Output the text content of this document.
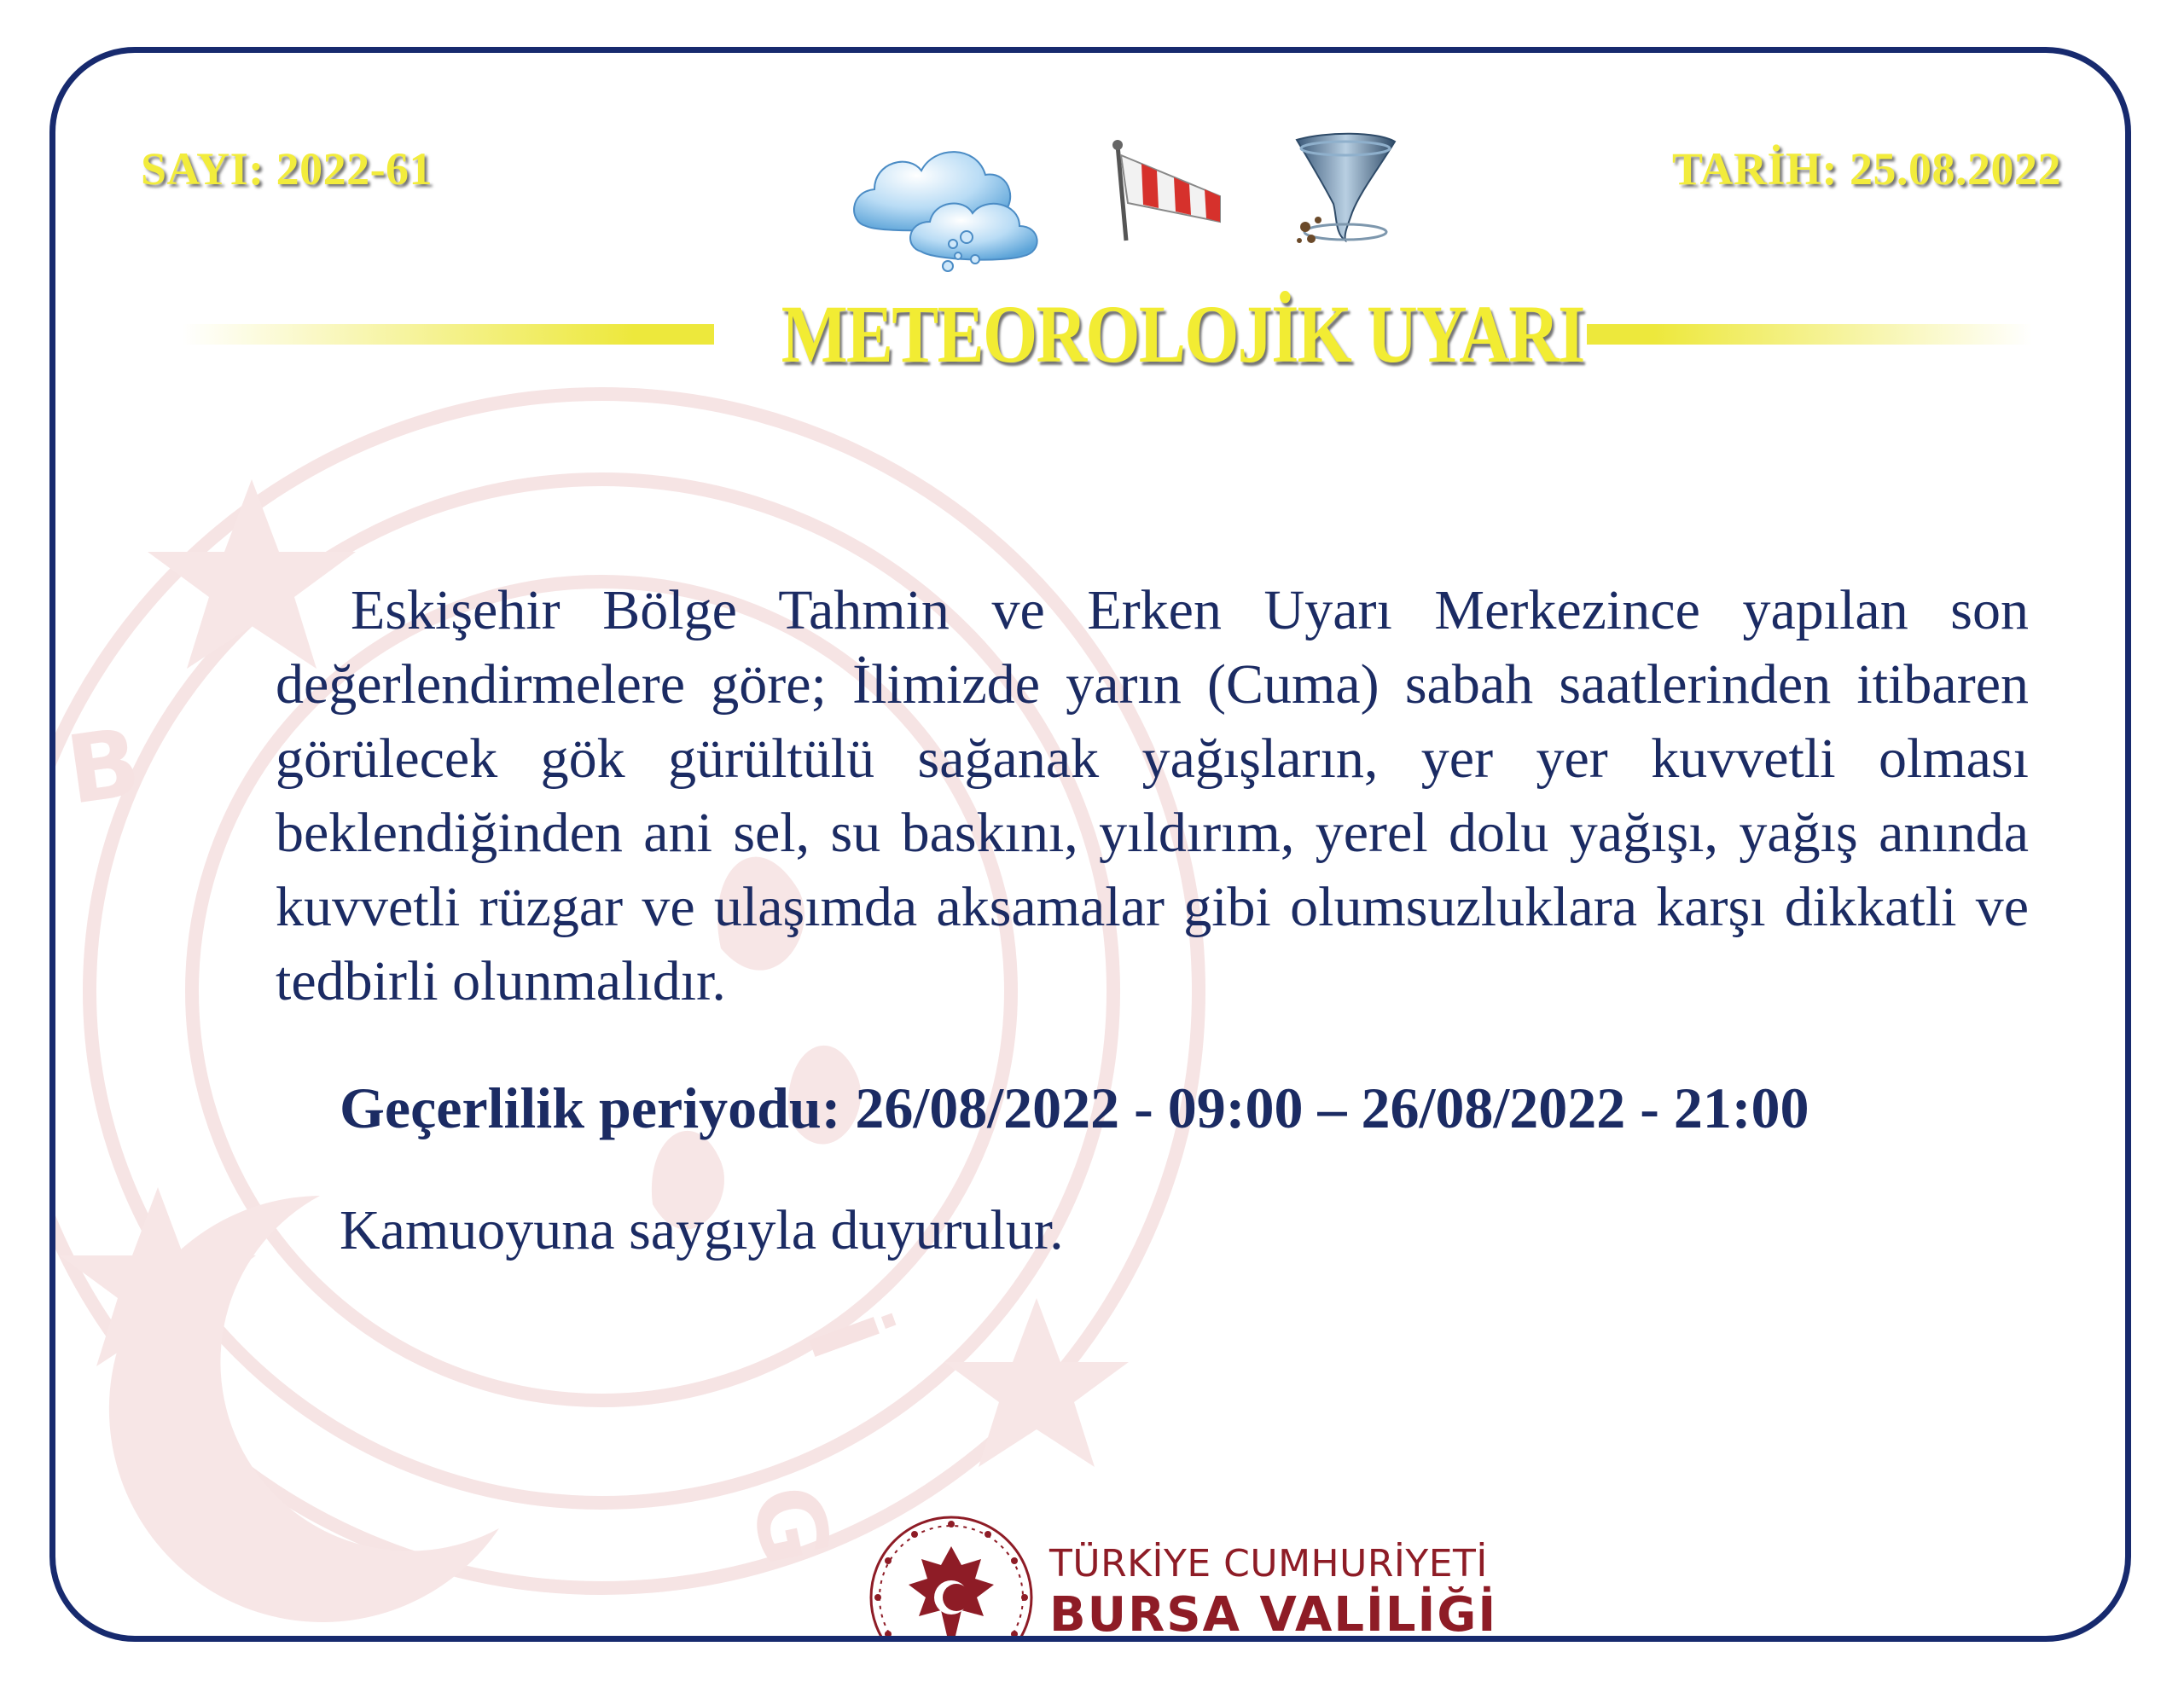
B
İ
G
SAYI: 2022-61	TARİH: 25.08.2022
METEOROLOJİK UYARI

Eskişehir Bölge Tahmin ve Erken Uyarı Merkezince yapılan son değerlendirmelere göre; İlimizde yarın (Cuma) sabah saatlerinden itibaren görülecek gök gürültülü sağanak yağışların, yer yer kuvvetli olması beklendiğinden ani sel, su baskını, yıldırım, yerel dolu yağışı, yağış anında kuvvetli rüzgar ve ulaşımda aksamalar gibi olumsuzluklara karşı dikkatli ve tedbirli olunmalıdır.

Geçerlilik periyodu: 26/08/2022 - 09:00 – 26/08/2022 - 21:00
Kamuoyuna saygıyla duyurulur.
TÜRKİYE CUMHURİYETİ
BURSA VALİLİĞİ
